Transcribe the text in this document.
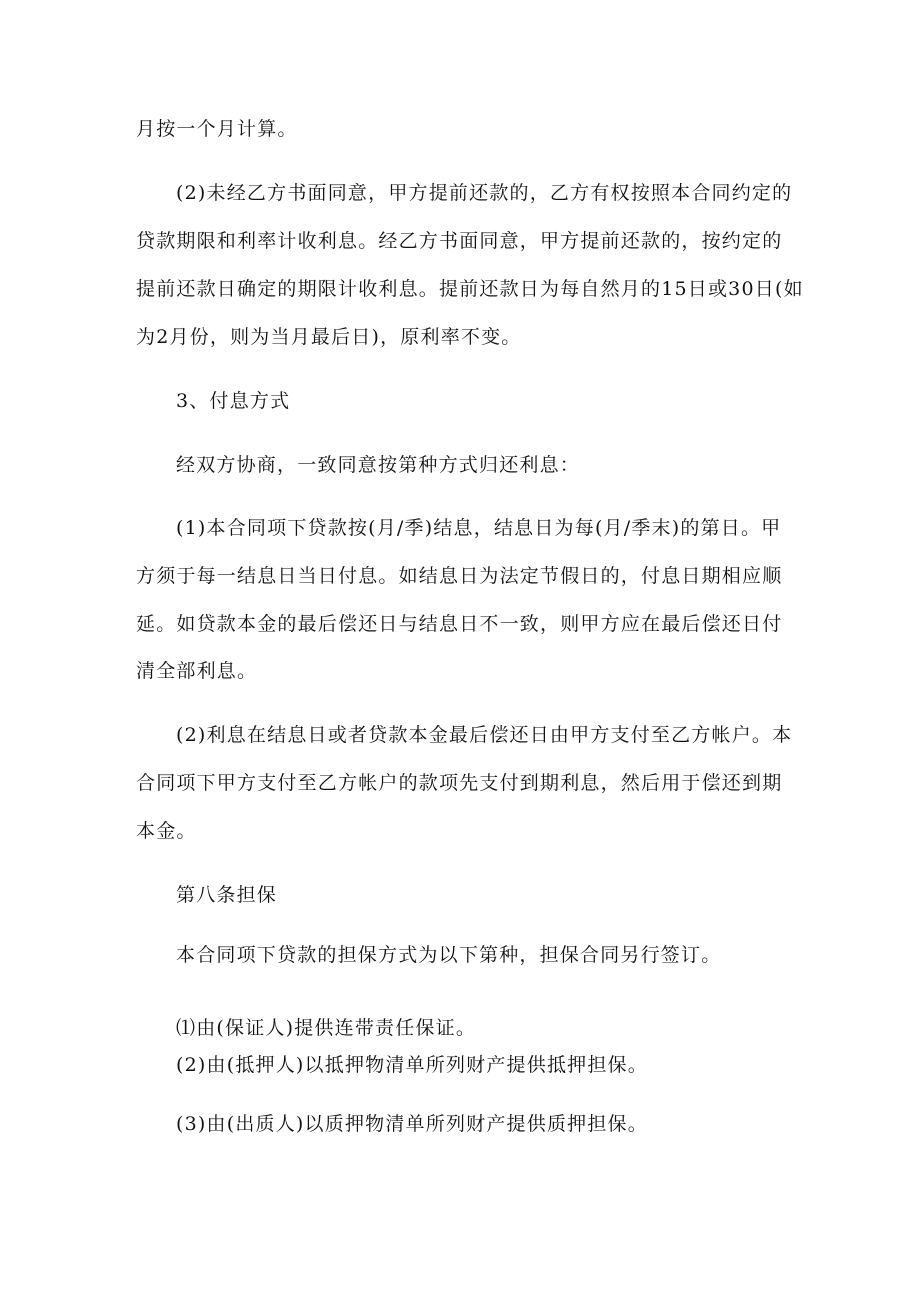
月按一个月计算。
(2)未经乙方书面同意，甲方提前还款的，乙方有权按照本合同约定的
贷款期限和利率计收利息。经乙方书面同意，甲方提前还款的，按约定的
提前还款日确定的期限计收利息。提前还款日为每自然月的15日或30日(如
为2月份，则为当月最后日)，原利率不变。
3、付息方式
经双方协商，一致同意按第种方式归还利息：
(1)本合同项下贷款按(月/季)结息，结息日为每(月/季末)的第日。甲
方须于每一结息日当日付息。如结息日为法定节假日的，付息日期相应顺
延。如贷款本金的最后偿还日与结息日不一致，则甲方应在最后偿还日付
清全部利息。
(2)利息在结息日或者贷款本金最后偿还日由甲方支付至乙方帐户。本
合同项下甲方支付至乙方帐户的款项先支付到期利息，然后用于偿还到期
本金。
第八条担保
本合同项下贷款的担保方式为以下第种，担保合同另行签订。
⑴由(保证人)提供连带责任保证。
(2)由(抵押人)以抵押物清单所列财产提供抵押担保。
(3)由(出质人)以质押物清单所列财产提供质押担保。
